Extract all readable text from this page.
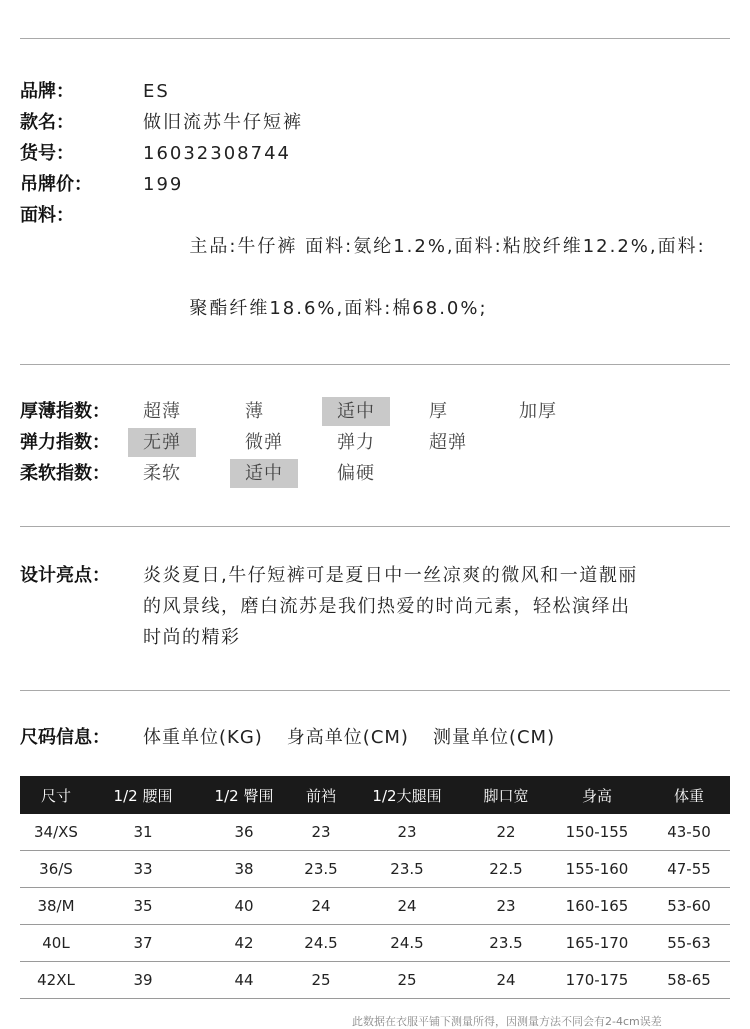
品牌：	ES
款名：	做旧流苏牛仔短裤
货号：	16032308744
吊牌价：	199
面料：

主品:牛仔裤 面料:氨纶1.2%,面料:粘胶纤维12.2%,面料:

聚酯纤维18.6%,面料:棉68.0%;

厚薄指数：	超薄	薄	适中	厚	加厚
弹力指数：	无弹	微弹	弹力	超弹
柔软指数：	柔软	适中	偏硬
设计亮点：	炎炎夏日,牛仔短裤可是夏日中一丝凉爽的微风和一道靓丽
的风景线，磨白流苏是我们热爱的时尚元素，轻松演绎出
时尚的精彩
尺码信息：	体重单位(KG) 身高单位(CM) 测量单位(CM)
尺寸	1/2 腰围	1/2 臀围	前裆	1/2大腿围	脚口宽	身高	体重
34/XS	31	36	23	23	22	150-155	43-50
36/S	33	38	23.5	23.5	22.5	155-160	47-55
38/M	35	40	24	24	23	160-165	53-60
40L	37	42	24.5	24.5	23.5	165-170	55-63
42XL	39	44	25	25	24	170-175	58-65
此数据在衣服平铺下测量所得，因测量方法不同会有2-4cm误差
